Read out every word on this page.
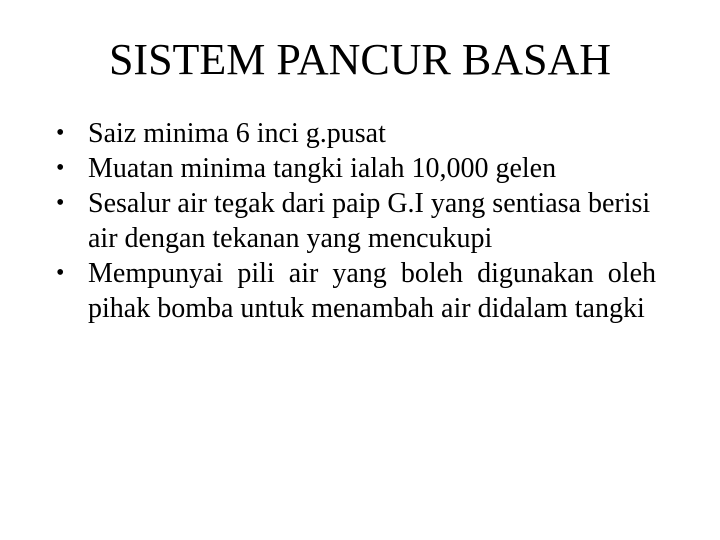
SISTEM PANCUR BASAH
• Saiz minima 6 inci g.pusat
• Muatan minima tangki ialah 10,000 gelen
• Sesalur air tegak dari paip G.I yang sentiasa berisi air dengan tekanan yang mencukupi
• Mempunyai pili air yang boleh digunakan oleh pihak bomba untuk menambah air didalam tangki
